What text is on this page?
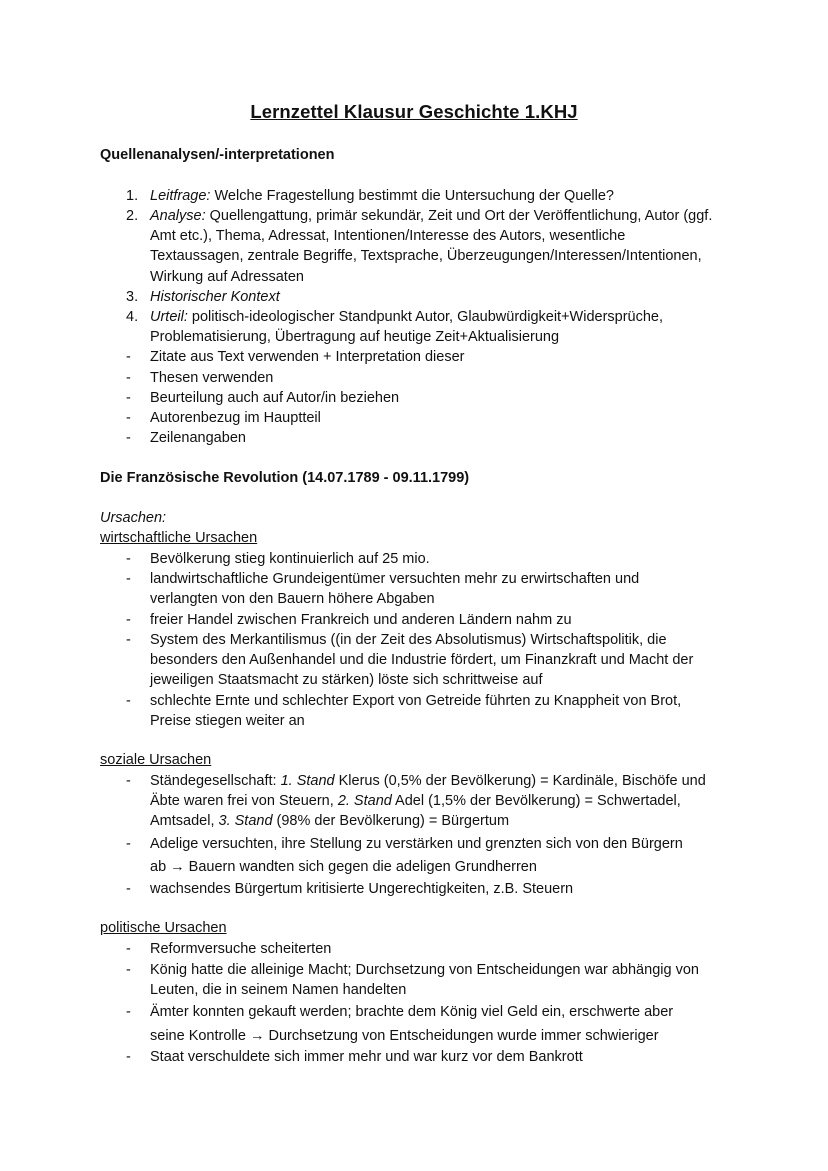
Lernzettel Klausur Geschichte 1.KHJ
Quellenanalysen/-interpretationen
1. Leitfrage: Welche Fragestellung bestimmt die Untersuchung der Quelle?
2. Analyse: Quellengattung, primär sekundär, Zeit und Ort der Veröffentlichung, Autor (ggf. Amt etc.), Thema, Adressat, Intentionen/Interesse des Autors, wesentliche Textaussagen, zentrale Begriffe, Textsprache, Überzeugungen/Interessen/Intentionen, Wirkung auf Adressaten
3. Historischer Kontext
4. Urteil: politisch-ideologischer Standpunkt Autor, Glaubwürdigkeit+Widersprüche, Problematisierung, Übertragung auf heutige Zeit+Aktualisierung
- Zitate aus Text verwenden + Interpretation dieser
- Thesen verwenden
- Beurteilung auch auf Autor/in beziehen
- Autorenbezug im Hauptteil
- Zeilenangaben
Die Französische Revolution (14.07.1789 - 09.11.1799)
Ursachen:
wirtschaftliche Ursachen
- Bevölkerung stieg kontinuierlich auf 25 mio.
- landwirtschaftliche Grundeigentümer versuchten mehr zu erwirtschaften und verlangten von den Bauern höhere Abgaben
- freier Handel zwischen Frankreich und anderen Ländern nahm zu
- System des Merkantilismus ((in der Zeit des Absolutismus) Wirtschaftspolitik, die besonders den Außenhandel und die Industrie fördert, um Finanzkraft und Macht der jeweiligen Staatsmacht zu stärken) löste sich schrittweise auf
- schlechte Ernte und schlechter Export von Getreide führten zu Knappheit von Brot, Preise stiegen weiter an
soziale Ursachen
- Ständegesellschaft: 1. Stand Klerus (0,5% der Bevölkerung) = Kardinäle, Bischöfe und Äbte waren frei von Steuern, 2. Stand Adel (1,5% der Bevölkerung) = Schwertadel, Amtsadel, 3. Stand (98% der Bevölkerung) = Bürgertum
- Adelige versuchten, ihre Stellung zu verstärken und grenzten sich von den Bürgern
ab → Bauern wandten sich gegen die adeligen Grundherren
- wachsendes Bürgertum kritisierte Ungerechtigkeiten, z.B. Steuern
politische Ursachen
- Reformversuche scheiterten
- König hatte die alleinige Macht; Durchsetzung von Entscheidungen war abhängig von Leuten, die in seinem Namen handelten
- Ämter konnten gekauft werden; brachte dem König viel Geld ein, erschwerte aber
seine Kontrolle → Durchsetzung von Entscheidungen wurde immer schwieriger
- Staat verschuldete sich immer mehr und war kurz vor dem Bankrott
